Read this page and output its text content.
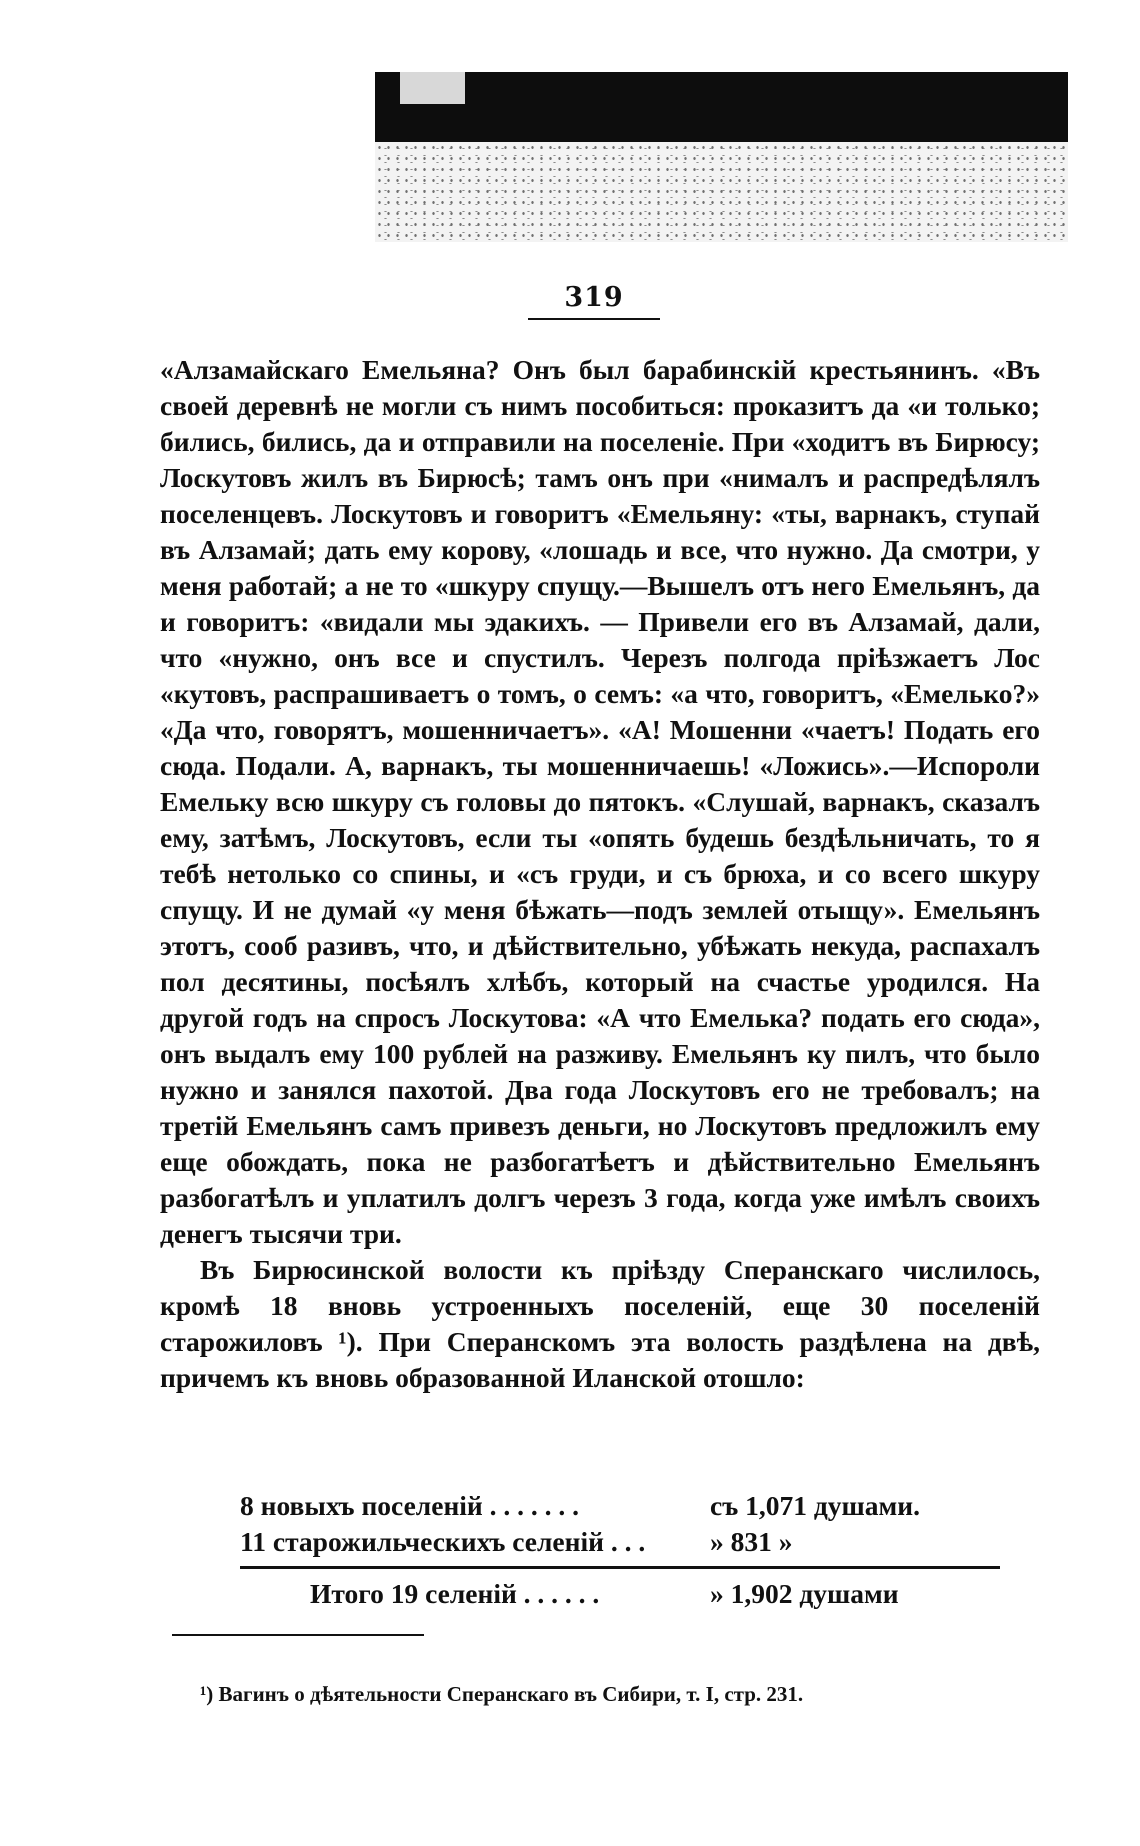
319

«Алзамайскаго Емельяна? Онъ был барабинскiй крестьянинъ. «Въ своей деревнѣ не могли съ нимъ пособиться: проказитъ да «и только; бились, бились, да и отправили на поселенiе. При «ходитъ въ Бирюсу; Лоскутовъ жилъ въ Бирюсѣ; тамъ онъ при «нималъ и распредѣлялъ поселенцевъ. Лоскутовъ и говоритъ «Емельяну: «ты, варнакъ, ступай въ Алзамай; дать ему корову, «лошадь и все, что нужно. Да смотри, у меня работай; а не то «шкуру спущу.—Вышелъ отъ него Емельянъ, да и говоритъ: «видали мы эдакихъ. — Привели его въ Алзамай, дали, что «нужно, онъ все и спустилъ. Черезъ полгода прiѣзжаетъ Лос «кутовъ, распрашиваетъ о томъ, о семъ: «а что, говоритъ, «Емелько?» «Да что, говорятъ, мошенничаетъ». «А! Мошенни «чаетъ! Подать его сюда. Подали. А, варнакъ, ты мошенничаешь! «Ложись».—Испороли Емельку всю шкуру съ головы до пятокъ. «Слушай, варнакъ, сказалъ ему, затѣмъ, Лоскутовъ, если ты «опять будешь бездѣльничать, то я тебѣ нетолько со спины, и «съ груди, и съ брюха, и со всего шкуру спущу. И не думай «у меня бѣжать—подъ землей отыщу». Емельянъ этотъ, сооб разивъ, что, и дѣйствительно, убѣжать некуда, распахалъ пол десятины, посѣялъ хлѣбъ, который на счастье уродился. На другой годъ на спросъ Лоскутова: «А что Емелька? подать его сюда», онъ выдалъ ему 100 рублей на разживу. Емельянъ ку пилъ, что было нужно и занялся пахотой. Два года Лоскутовъ его не требовалъ; на третiй Емельянъ самъ привезъ деньги, но Лоскутовъ предложилъ ему еще обождать, пока не разбогатѣетъ и дѣйствительно Емельянъ разбогатѣлъ и уплатилъ долгъ черезъ 3 года, когда уже имѣлъ своихъ денегъ тысячи три.

Въ Бирюсинской волости къ прiѣзду Сперанскаго числилось, кромѣ 18 вновь устроенныхъ поселенiй, еще 30 поселенiй старожиловъ ¹). При Сперанскомъ эта волость раздѣлена на двѣ, причемъ къ вновь образованной Иланской отошло:

8 новыхъ поселенiй . . . . . . .	съ 1,071 душами.
11 старожильческихъ селенiй . . .	» 831 »
Итого 19 селенiй . . . . . .	» 1,902 душами
¹) Вагинъ о дѣятельности Сперанскаго въ Сибири, т. I, стр. 231.
